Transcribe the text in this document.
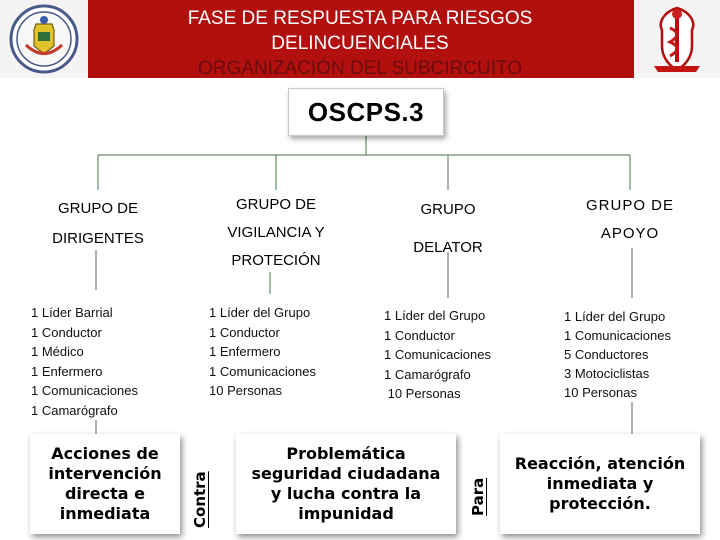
FASE DE RESPUESTA PARA RIESGOS
DELINCUENCIALES
ORGANIZACIÓN DEL SUBCIRCUITO
OSCPS.3
GRUPO DE
DIRIGENTES
GRUPO DE
VIGILANCIA Y
PROTECIÓN
GRUPO
DELATOR
GRUPO DE
APOYO
1 Líder Barrial
1 Conductor
1 Médico
1 Enfermero
1 Comunicaciones
1 Camarógrafo
1 Líder del Grupo
1 Conductor
1 Enfermero
1 Comunicaciones
10 Personas
1 Líder del Grupo
1 Conductor
1 Comunicaciones
1 Camarógrafo
10 Personas
1 Líder del Grupo
1 Comunicaciones
5 Conductores
3 Motociclistas
10 Personas
Acciones de
intervención
directa e
inmediata	Contra
Problemática
seguridad ciudadana
y lucha contra la
impunidad	Para
Reacción, atención
inmediata y
protección.
